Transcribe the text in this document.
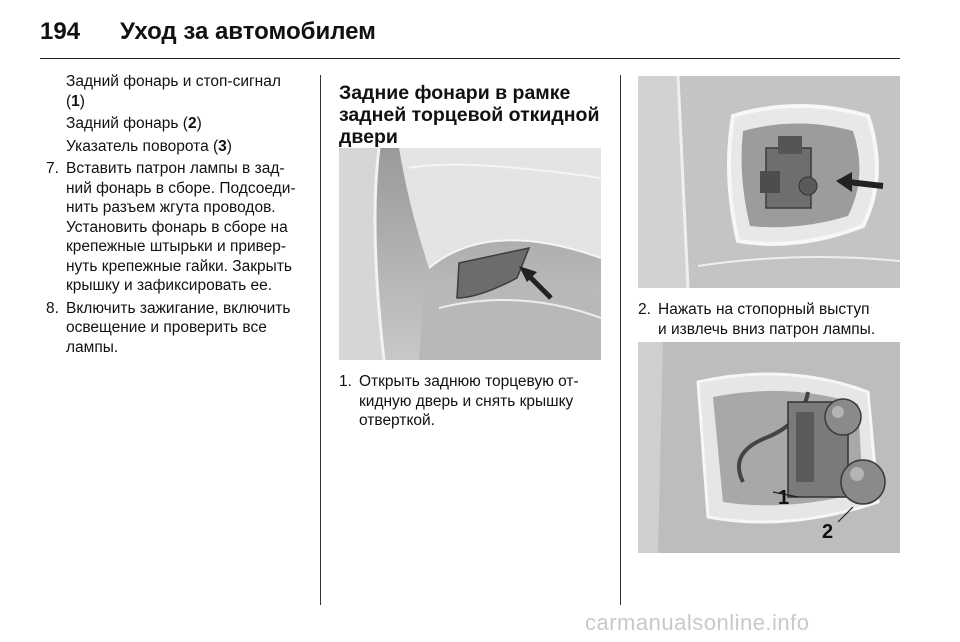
194 Уход за автомобилем
Задний фонарь и стоп-сигнал
(1)
Задний фонарь (2)
Указатель поворота (3)
7. Вставить патрон лампы в зад-
ний фонарь в сборе. Подсоеди-
нить разъем жгута проводов.
Установить фонарь в сборе на
крепежные штырьки и привер-
нуть крепежные гайки. Закрыть
крышку и зафиксировать ее.
8. Включить зажигание, включить
освещение и проверить все
лампы.

Задние фонари в рамке
задней торцевой откидной
двери

1. Открыть заднюю торцевую от-
кидную дверь и снять крышку
отверткой.
2. Нажать на стопорный выступ
и извлечь вниз патрон лампы.
1
2
carmanualsonline.info
